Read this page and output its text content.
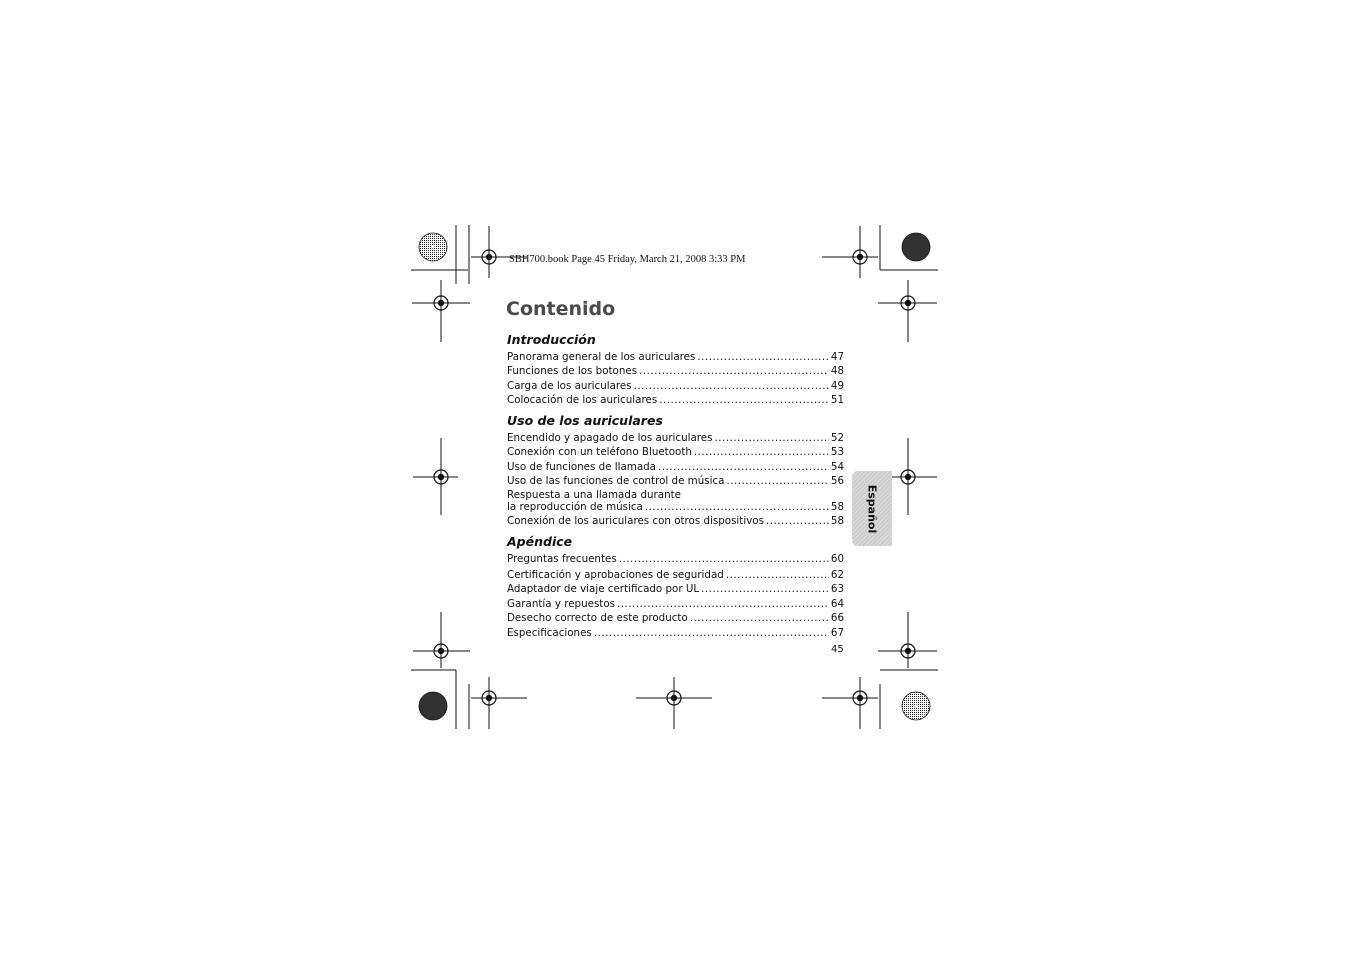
SBH700.book Page 45 Friday, March 21, 2008 3:33 PM
Contenido
Introducción
Panorama general de los auriculares .....	47
Funciones de los botones .....	48
Carga de los auriculares .....	49
Colocación de los auriculares .....	51
Uso de los auriculares
Encendido y apagado de los auriculares .....	52
Conexión con un teléfono Bluetooth .....	53
Uso de funciones de llamada .....	54
Uso de las funciones de control de música .....	56
Respuesta a una llamada durante
la reproducción de música .....	58
Conexión de los auriculares con otros dispositivos .....	58
Apéndice
Preguntas frecuentes .....	60
Certificación y aprobaciones de seguridad .....	62
Adaptador de viaje certificado por UL .....	63
Garantía y repuestos .....	64
Desecho correcto de este producto .....	66
Especificaciones .....	67
45
Español
